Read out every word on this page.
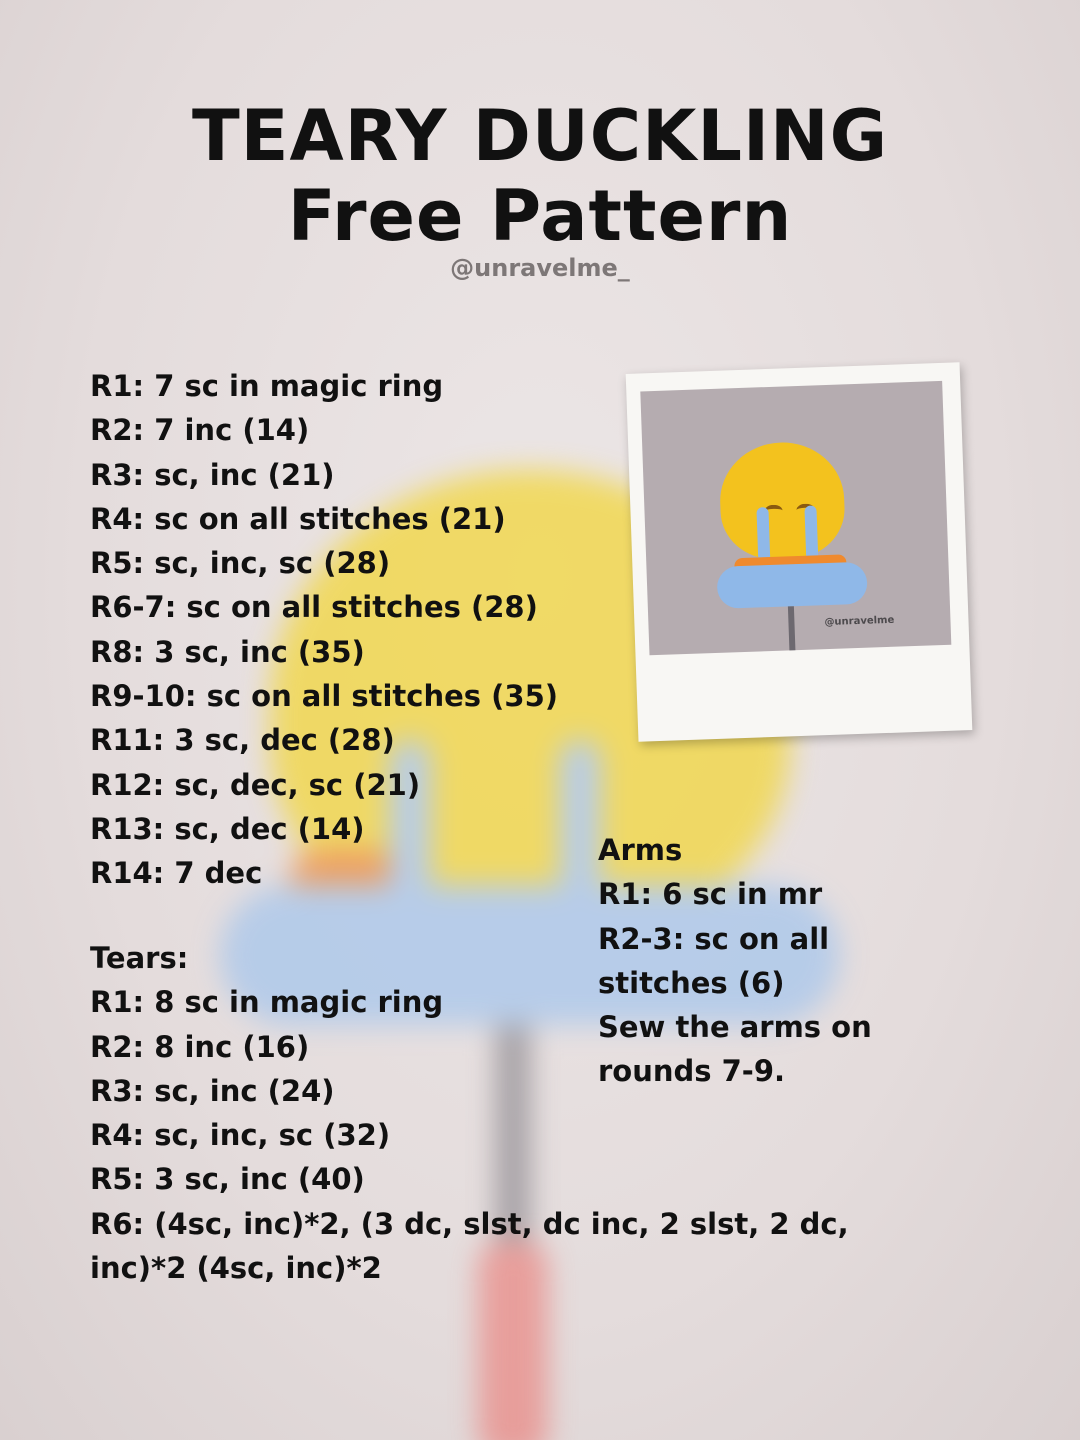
TEARY DUCKLING
Free Pattern
@unravelme_
R1: 7 sc in magic ring
R2: 7 inc (14)
R3: sc, inc (21)
R4: sc on all stitches (21)
R5: sc, inc, sc (28)
R6-7: sc on all stitches (28)
R8: 3 sc, inc (35)
R9-10: sc on all stitches (35)
R11: 3 sc, dec (28)
R12: sc, dec, sc (21)
R13: sc, dec (14)
R14: 7 dec
Tears:
R1: 8 sc in magic ring
R2: 8 inc (16)
R3: sc, inc (24)
R4: sc, inc, sc (32)
R5: 3 sc, inc (40)
R6: (4sc, inc)*2, (3 dc, slst, dc inc, 2 slst, 2 dc, inc)*2 (4sc, inc)*2
Arms
R1: 6 sc in mr
R2-3: sc on all stitches (6)
Sew the arms on rounds 7-9.
@unravelme
